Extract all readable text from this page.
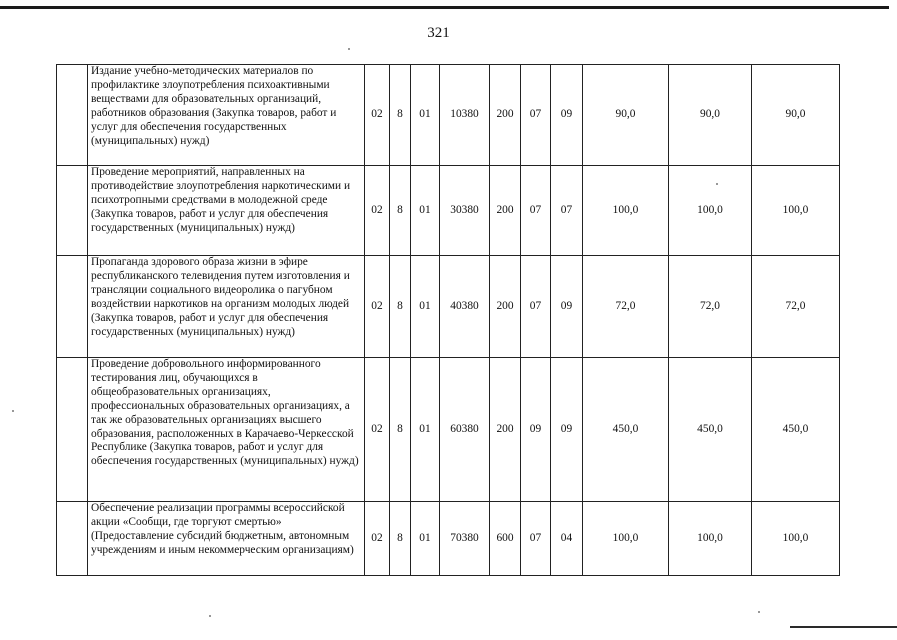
321
	Издание учебно-методических материалов по профилактике злоупотребления психоактивными веществами для образовательных организаций, работников образования (Закупка товаров, работ и услуг для обеспечения государственных (муниципальных) нужд)	02	8	01	10380	200	07	09	90,0	90,0	90,0
	Проведение мероприятий, направленных на противодействие злоупотребления наркотическими и психотропными средствами в молодежной среде (Закупка товаров, работ и услуг для обеспечения государственных (муниципальных) нужд)	02	8	01	30380	200	07	07	100,0	100,0	100,0
	Пропаганда здорового образа жизни в эфире республиканского телевидения путем изготовления и трансляции социального видеоролика о пагубном воздействии наркотиков на организм молодых людей (Закупка товаров, работ и услуг для обеспечения государственных (муниципальных) нужд)	02	8	01	40380	200	07	09	72,0	72,0	72,0
	Проведение добровольного информированного тестирования лиц, обучающихся в общеобразовательных организациях, профессиональных образовательных организациях, а так же образовательных организациях высшего образования, расположенных в Карачаево-Черкесской Республике (Закупка товаров, работ и услуг для обеспечения государственных (муниципальных) нужд)	02	8	01	60380	200	09	09	450,0	450,0	450,0
	Обеспечение реализации программы всероссийской акции «Сообщи, где торгуют смертью» (Предоставление субсидий бюджетным, автономным учреждениям и иным некоммерческим организациям)	02	8	01	70380	600	07	04	100,0	100,0	100,0
